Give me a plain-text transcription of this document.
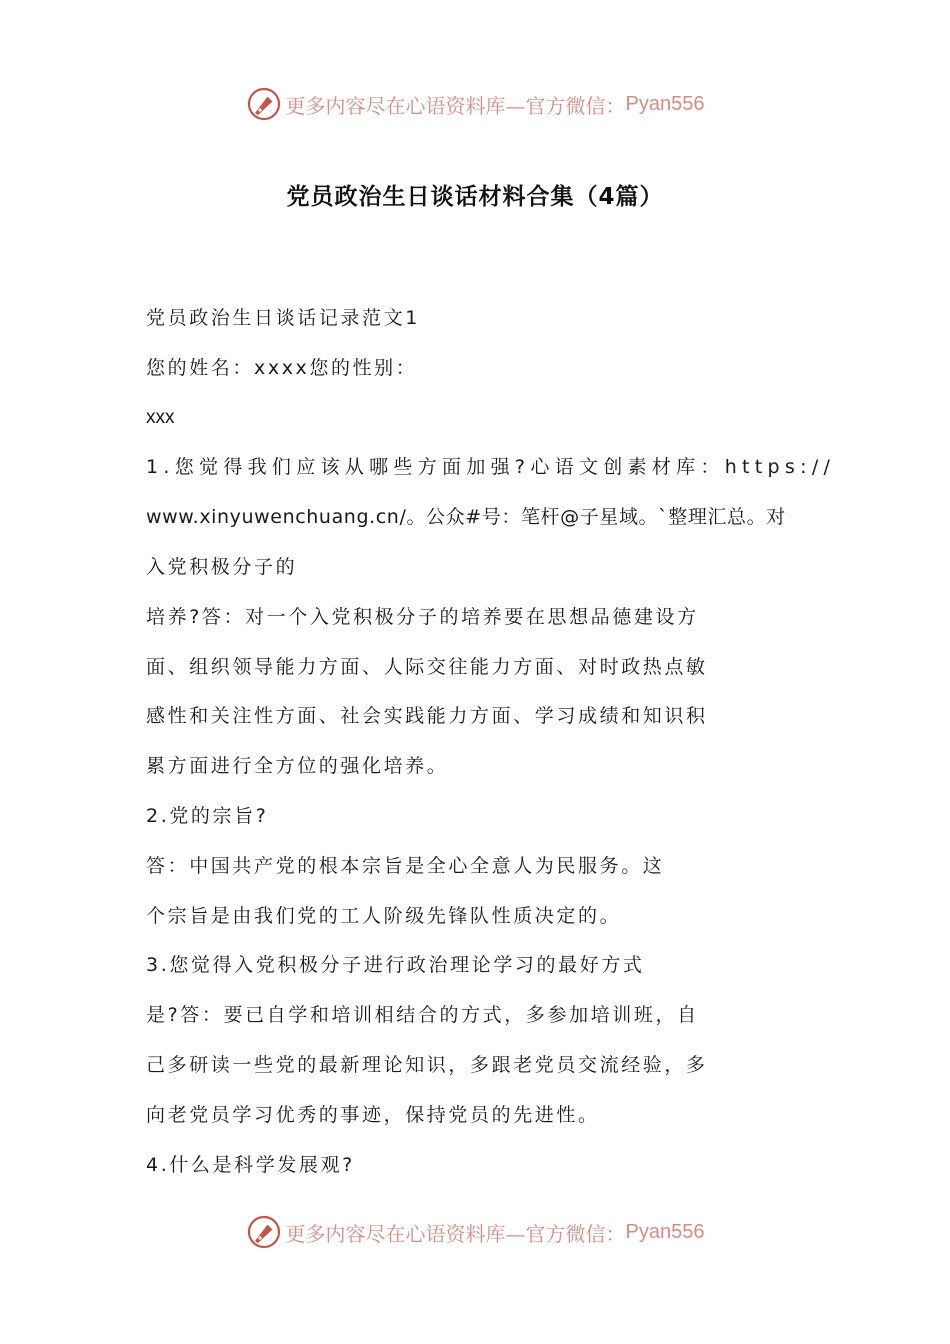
更多内容尽在心语资料库—官方微信： Pyan556
党员政治生日谈话材料合集（4篇）
党员政治生日谈话记录范文1
您的姓名：xxxx您的性别：
xxx
1.您觉得我们应该从哪些方面加强?心语文创素材库：https://
www.xinyuwenchuang.cn/。公众#号：笔杆@子星域。`整理汇总。对
入党积极分子的
培养?答：对一个入党积极分子的培养要在思想品德建设方
面、组织领导能力方面、人际交往能力方面、对时政热点敏
感性和关注性方面、社会实践能力方面、学习成绩和知识积
累方面进行全方位的强化培养。
2.党的宗旨?
答：中国共产党的根本宗旨是全心全意人为民服务。这
个宗旨是由我们党的工人阶级先锋队性质决定的。
3.您觉得入党积极分子进行政治理论学习的最好方式
是?答：要已自学和培训相结合的方式，多参加培训班，自
己多研读一些党的最新理论知识，多跟老党员交流经验，多
向老党员学习优秀的事迹，保持党员的先进性。
4.什么是科学发展观?
更多内容尽在心语资料库—官方微信： Pyan556
